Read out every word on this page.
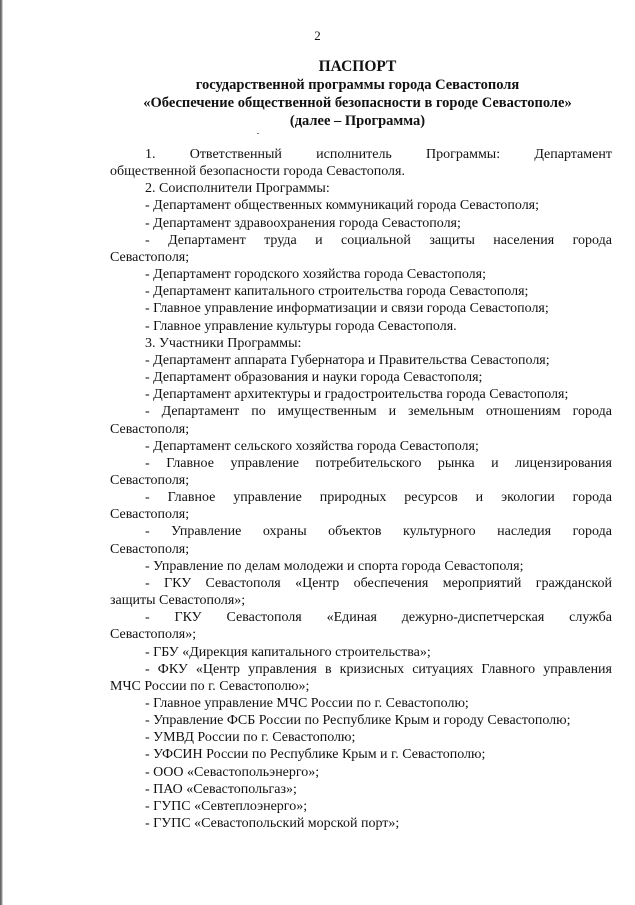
2
ПАСПОРТ
государственной программы города Севастополя
«Обеспечение общественной безопасности в городе Севастополе»
(далее – Программа)
1. Ответственный исполнитель Программы: Департамент
общественной безопасности города Севастополя.
2. Соисполнители Программы:
- Департамент общественных коммуникаций города Севастополя;
- Департамент здравоохранения города Севастополя;
- Департамент труда и социальной защиты населения города
Севастополя;
- Департамент городского хозяйства города Севастополя;
- Департамент капитального строительства города Севастополя;
- Главное управление информатизации и связи города Севастополя;
- Главное управление культуры города Севастополя.
3. Участники Программы:
- Департамент аппарата Губернатора и Правительства Севастополя;
- Департамент образования и науки города Севастополя;
- Департамент архитектуры и градостроительства города Севастополя;
- Департамент по имущественным и земельным отношениям города
Севастополя;
- Департамент сельского хозяйства города Севастополя;
- Главное управление потребительского рынка и лицензирования
Севастополя;
- Главное управление природных ресурсов и экологии города
Севастополя;
- Управление охраны объектов культурного наследия города
Севастополя;
- Управление по делам молодежи и спорта города Севастополя;
- ГКУ Севастополя «Центр обеспечения мероприятий гражданской
защиты Севастополя»;
- ГКУ Севастополя «Единая дежурно-диспетчерская служба
Севастополя»;
- ГБУ «Дирекция капитального строительства»;
- ФКУ «Центр управления в кризисных ситуациях Главного управления
МЧС России по г. Севастополю»;
- Главное управление МЧС России по г. Севастополю;
- Управление ФСБ России по Республике Крым и городу Севастополю;
- УМВД России по г. Севастополю;
- УФСИН России по Республике Крым и г. Севастополю;
- ООО «Севастопольэнерго»;
- ПАО «Севастопольгаз»;
- ГУПС «Севтеплоэнерго»;
- ГУПС «Севастопольский морской порт»;
